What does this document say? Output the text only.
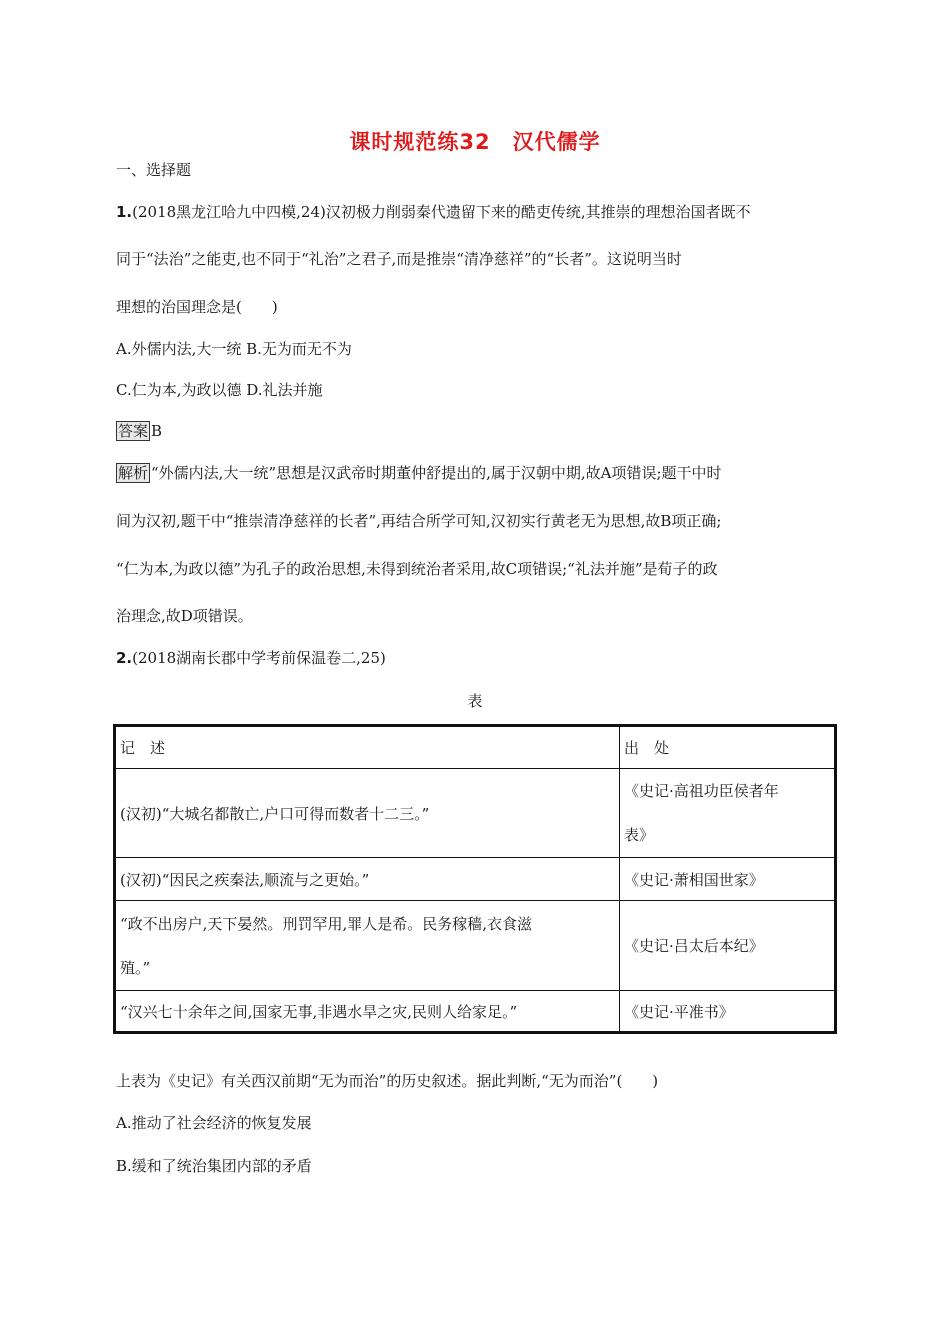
课时规范练32　汉代儒学
一、选择题
1.(2018黑龙江哈九中四模,24)汉初极力削弱秦代遗留下来的酷吏传统,其推崇的理想治国者既不
同于“法治”之能吏,也不同于“礼治”之君子,而是推崇“清净慈祥”的“长者”。这说明当时
理想的治国理念是(　　)
A.外儒内法,大一统 B.无为而无不为
C.仁为本,为政以德 D.礼法并施
答案 B
解析 “外儒内法,大一统”思想是汉武帝时期董仲舒提出的,属于汉朝中期,故A项错误;题干中时
间为汉初,题干中“推崇清净慈祥的长者”,再结合所学可知,汉初实行黄老无为思想,故B项正确;
“仁为本,为政以德”为孔子的政治思想,未得到统治者采用,故C项错误;“礼法并施”是荀子的政
治理念,故D项错误。
2.(2018湖南长郡中学考前保温卷二,25)
表
记　述	出　处
(汉初)“大城名都散亡,户口可得而数者十二三。”	《史记·高祖功臣侯者年
表》

(汉初)“因民之疾秦法,顺流与之更始。”	《史记·萧相国世家》

“政不出房户,天下晏然。刑罚罕用,罪人是希。民务稼穑,衣食滋
殖。”	《史记·吕太后本纪》
“汉兴七十余年之间,国家无事,非遇水旱之灾,民则人给家足。”	《史记·平准书》
上表为《史记》有关西汉前期“无为而治”的历史叙述。据此判断,“无为而治”(　　)
A.推动了社会经济的恢复发展
B.缓和了统治集团内部的矛盾
